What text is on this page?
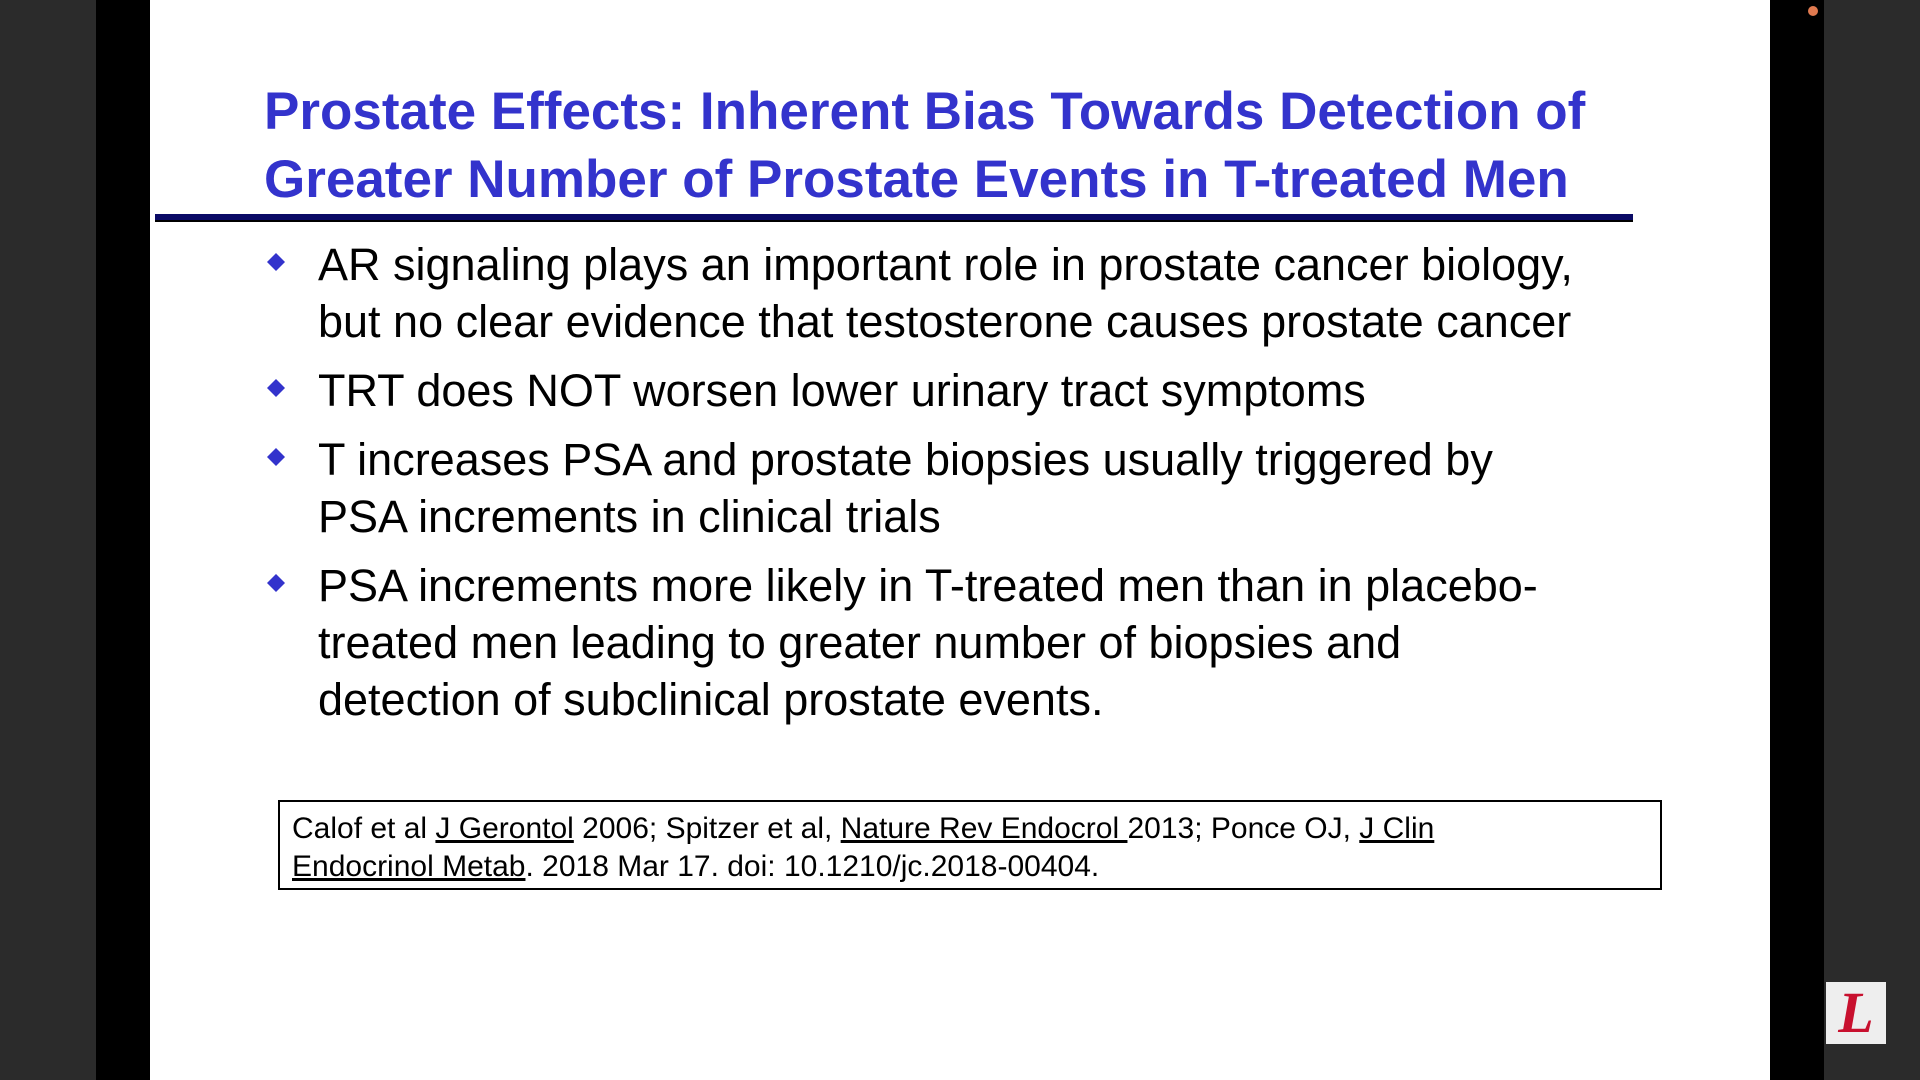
Prostate Effects: Inherent Bias Towards Detection of
Greater Number of Prostate Events in T-treated Men
AR signaling plays an important role in prostate cancer biology,
but no clear evidence that testosterone causes prostate cancer
TRT does NOT worsen lower urinary tract symptoms
T increases PSA and prostate biopsies usually triggered by
PSA increments in clinical trials
PSA increments more likely in T-treated men than in placebo-
treated men leading to greater number of biopsies and
detection of subclinical prostate events.
Calof et al J Gerontol 2006; Spitzer et al, Nature Rev Endocrol 2013; Ponce OJ, J Clin
Endocrinol Metab. 2018 Mar 17. doi: 10.1210/jc.2018-00404.
L
